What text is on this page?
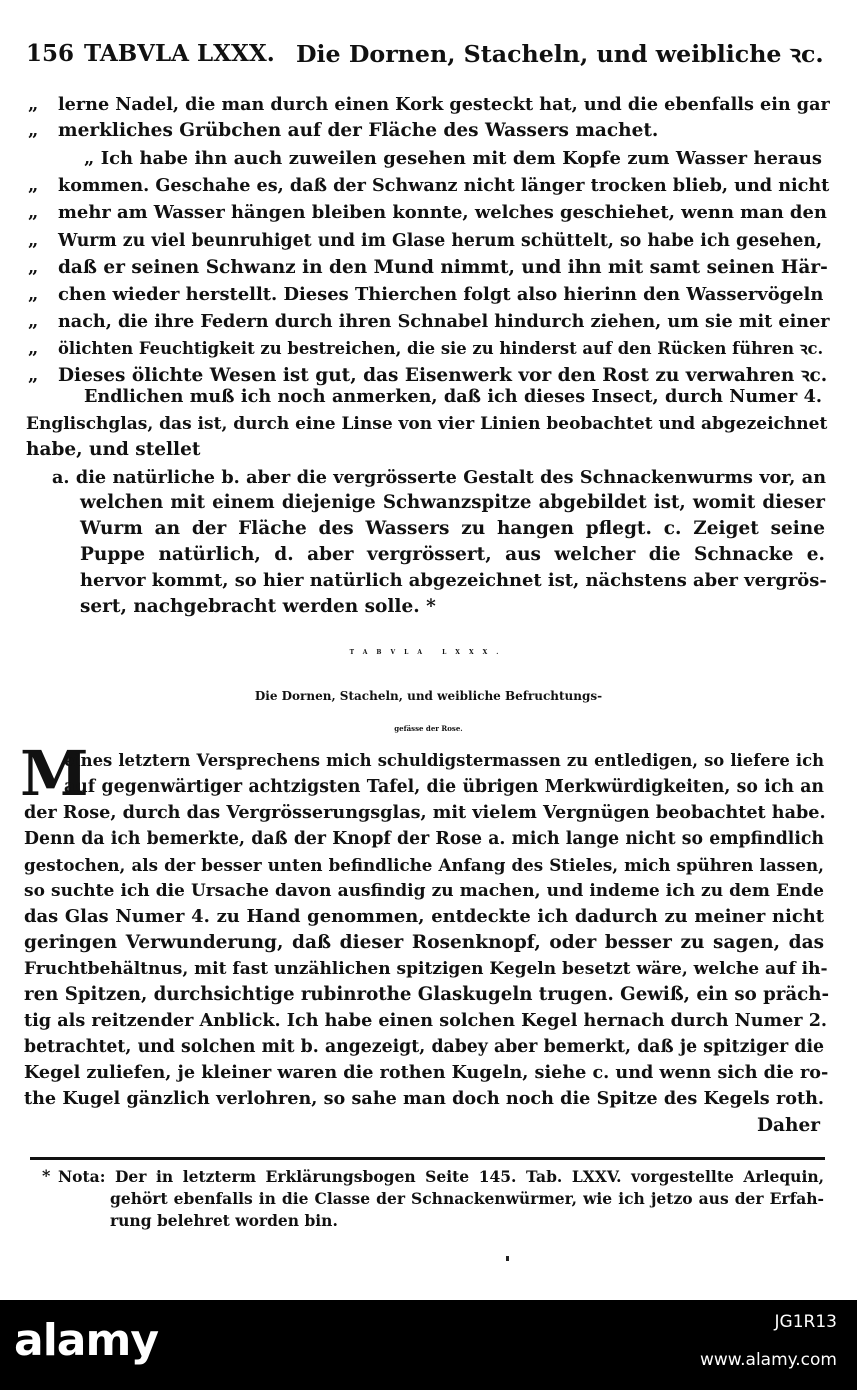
156 TABVLA LXXX. Die Dornen, Stacheln, und weibliche ꝛc.
„	lerne Nadel, die man durch einen Kork gesteckt hat, und die ebenfalls ein gar
„	merkliches Grübchen auf der Fläche des Wassers machet.
„ Ich habe ihn auch zuweilen gesehen mit dem Kopfe zum Wasser heraus
„	kommen. Geschahe es, daß der Schwanz nicht länger trocken blieb, und nicht
„	mehr am Wasser hängen bleiben konnte, welches geschiehet, wenn man den
„	Wurm zu viel beunruhiget und im Glase herum schüttelt, so habe ich gesehen,
„	daß er seinen Schwanz in den Mund nimmt, und ihn mit samt seinen Här-
„	chen wieder herstellt. Dieses Thierchen folgt also hierinn den Wasservögeln
„	nach, die ihre Federn durch ihren Schnabel hindurch ziehen, um sie mit einer
„	ölichten Feuchtigkeit zu bestreichen, die sie zu hinderst auf den Rücken führen ꝛc.
„	Dieses ölichte Wesen ist gut, das Eisenwerk vor den Rost zu verwahren ꝛc.
Endlichen muß ich noch anmerken, daß ich dieses Insect, durch Numer 4.
Englischglas, das ist, durch eine Linse von vier Linien beobachtet und abgezeichnet
habe, und stellet
a. die natürliche b. aber die vergrösserte Gestalt des Schnackenwurms vor, an
welchen mit einem diejenige Schwanzspitze abgebildet ist, womit dieser
Wurm an der Fläche des Wassers zu hangen pflegt. c. Zeiget seine
Puppe natürlich, d. aber vergrössert, aus welcher die Schnacke e.
hervor kommt, so hier natürlich abgezeichnet ist, nächstens aber vergrös-
sert, nachgebracht werden solle. *
TABVLA LXXX.
Die Dornen, Stacheln, und weibliche Befruchtungs-
gefässe der Rose.
M
eines letztern Versprechens mich schuldigstermassen zu entledigen, so liefere ich
auf gegenwärtiger achtzigsten Tafel, die übrigen Merkwürdigkeiten, so ich an
der Rose, durch das Vergrösserungsglas, mit vielem Vergnügen beobachtet habe.
Denn da ich bemerkte, daß der Knopf der Rose a. mich lange nicht so empfindlich
gestochen, als der besser unten befindliche Anfang des Stieles, mich spühren lassen,
so suchte ich die Ursache davon ausfindig zu machen, und indeme ich zu dem Ende
das Glas Numer 4. zu Hand genommen, entdeckte ich dadurch zu meiner nicht
geringen Verwunderung, daß dieser Rosenknopf, oder besser zu sagen, das
Fruchtbehältnus, mit fast unzählichen spitzigen Kegeln besetzt wäre, welche auf ih-
ren Spitzen, durchsichtige rubinrothe Glaskugeln trugen. Gewiß, ein so präch-
tig als reitzender Anblick. Ich habe einen solchen Kegel hernach durch Numer 2.
betrachtet, und solchen mit b. angezeigt, dabey aber bemerkt, daß je spitziger die
Kegel zuliefen, je kleiner waren die rothen Kugeln, siehe c. und wenn sich die ro-
the Kugel gänzlich verlohren, so sahe man doch noch die Spitze des Kegels roth.
Daher
* Nota: Der in letzterm Erklärungsbogen Seite 145. Tab. LXXV. vorgestellte Arlequin,
gehört ebenfalls in die Classe der Schnackenwürmer, wie ich jetzo aus der Erfah-
rung belehret worden bin.
alamy	JG1R13
www.alamy.com
